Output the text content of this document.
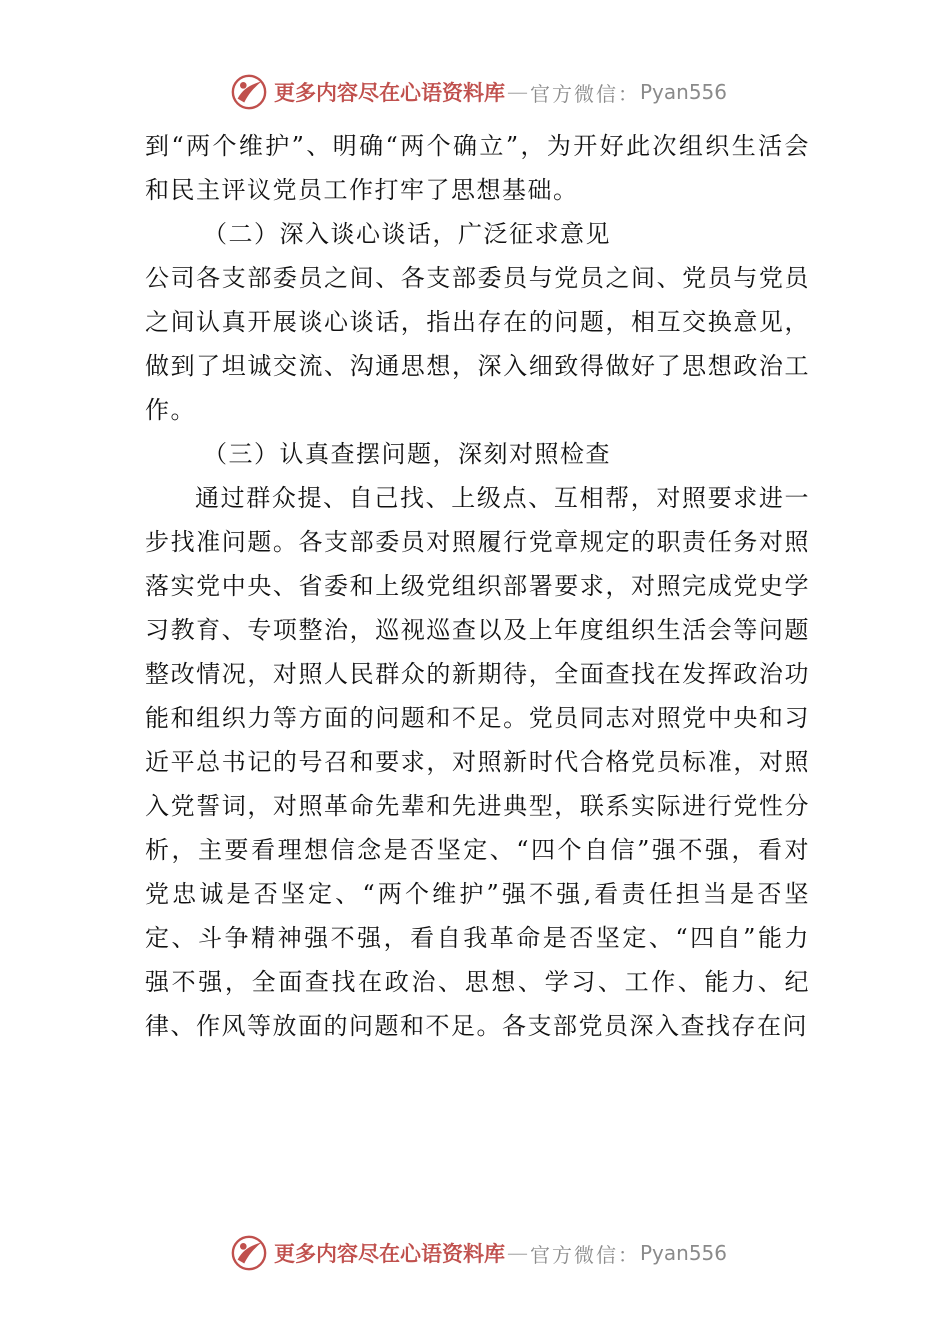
更多内容尽在心语资料库 — 官方微信： Pyan556

到“两个维护”、明确“两个确立”，为开好此次组织生活会和民主评议党员工作打牢了思想基础。

（二）深入谈心谈话，广泛征求意见

公司各支部委员之间、各支部委员与党员之间、党员与党员之间认真开展谈心谈话，指出存在的问题，相互交换意见，做到了坦诚交流、沟通思想，深入细致得做好了思想政治工作。

（三）认真查摆问题，深刻对照检查

通过群众提、自己找、上级点、互相帮，对照要求进一步找准问题。各支部委员对照履行党章规定的职责任务对照落实党中央、省委和上级党组织部署要求，对照完成党史学习教育、专项整治，巡视巡查以及上年度组织生活会等问题整改情况，对照人民群众的新期待，全面查找在发挥政治功能和组织力等方面的问题和不足。党员同志对照党中央和习近平总书记的号召和要求，对照新时代合格党员标准，对照入党誓词，对照革命先辈和先进典型，联系实际进行党性分析，主要看理想信念是否坚定、“四个自信”强不强，看对党忠诚是否坚定、“两个维护”强不强,看责任担当是否坚定、斗争精神强不强，看自我革命是否坚定、“四自”能力强不强，全面查找在政治、思想、学习、工作、能力、纪律、作风等放面的问题和不足。各支部党员深入查找存在问

更多内容尽在心语资料库 — 官方微信： Pyan556
